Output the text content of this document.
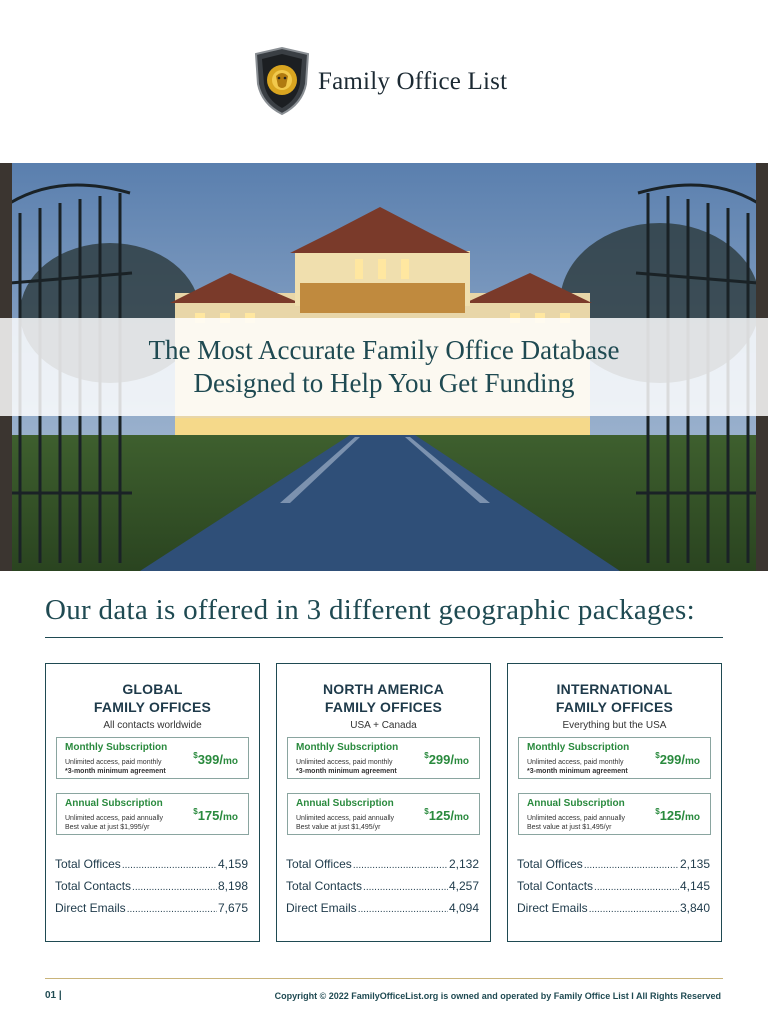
Family Office List
The Most Accurate Family Office Database
Designed to Help You Get Funding
Our data is offered in 3 different geographic packages:
GLOBAL
FAMILY OFFICES
All contacts worldwide
Monthly Subscription
Unlimited access, paid monthly
*3-month minimum agreement
$399/mo
Annual Subscription
Unlimited access, paid annually
Best value at just $1,995/yr
$175/mo
Total Offices .....	4,159
Total Contacts .....	8,198
Direct Emails .....	7,675
NORTH AMERICA
FAMILY OFFICES
USA + Canada
Monthly Subscription
Unlimited access, paid monthly
*3-month minimum agreement
$299/mo
Annual Subscription
Unlimited access, paid annually
Best value at just $1,495/yr
$125/mo
Total Offices .....	2,132
Total Contacts .....	4,257
Direct Emails .....	4,094
INTERNATIONAL
FAMILY OFFICES
Everything but the USA
Monthly Subscription
Unlimited access, paid monthly
*3-month minimum agreement
$299/mo
Annual Subscription
Unlimited access, paid annually
Best value at just $1,495/yr
$125/mo
Total Offices .....	2,135
Total Contacts .....	4,145
Direct Emails .....	3,840
01 |	Copyright © 2022 FamilyOfficeList.org is owned and operated by Family Office List I All Rights Reserved
